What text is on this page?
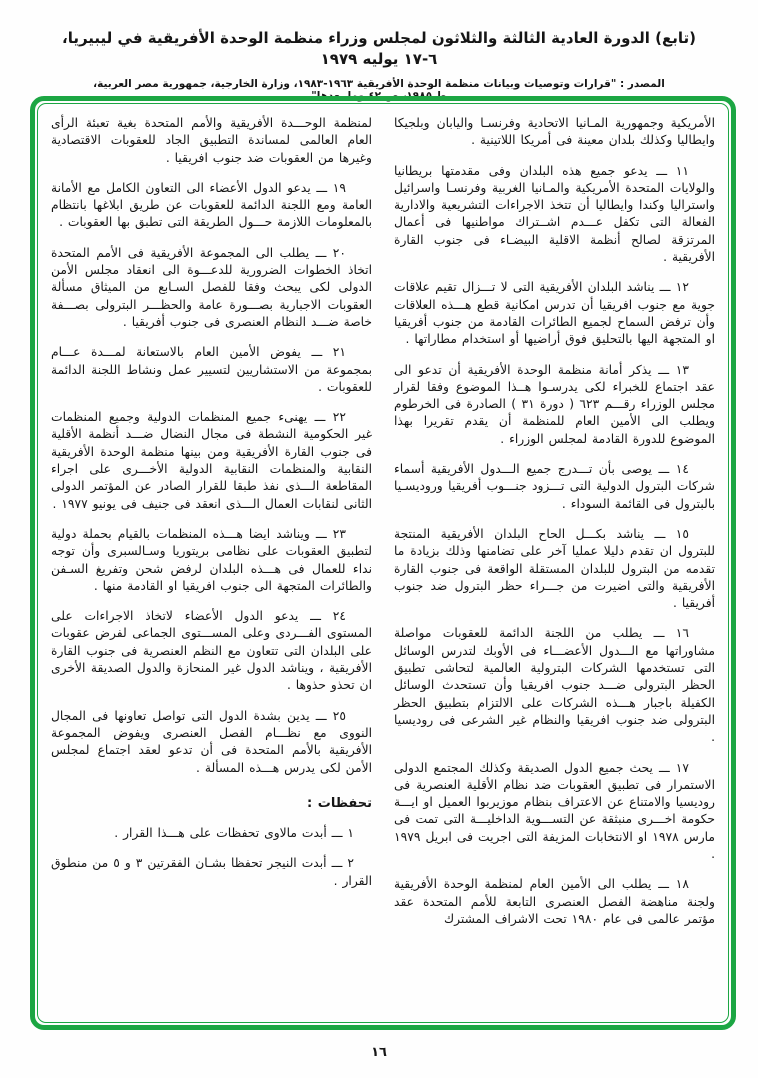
(تابع) الدورة العادية الثالثة والثلاثون لمجلس وزراء منظمة الوحدة الأفريقية في ليبيريا، ٦-١٧ يوليه ١٩٧٩
المصدر : "قرارات وتوصيات وبيانات منظمة الوحدة الأفريقية ١٩٦٣-١٩٨٣، وزارة الخارجية، جمهورية مصر العربية، ط ١٩٨٥، ص ٤٢ وما بعدها"

الأمريكية وجمهورية المـانيا الاتحادية وفرنسـا واليابان وبلجيكا وايطاليا وكذلك بلدان معينة فى أمريكا اللاتينية .

١١ ـــ يدعو جميع هذه البلدان وفى مقدمتها بريطانيا والولايات المتحدة الأمريكية والمـانيا الغربية وفرنسـا واسرائيل واستراليا وكندا وايطاليا أن تتخذ الاجراءات التشريعية والادارية الفعالة التى تكفل عـــدم اشــتراك مواطنيها فى أعمال المرتزقة لصالح أنظمة الاقلية البيضـاء فى جنوب القارة الأفريقية .

١٢ ـــ يناشد البلدان الأفريقية التى لا تـــزال تقيم علاقات جوية مع جنوب افريقيا أن تدرس امكانية قطع هـــذه العلاقات وأن ترفض السماح لجميع الطائرات القادمة من جنوب أفريقيا او المتجهة اليها بالتحليق فوق أراضيها أو استخدام مطاراتها .

١٣ ـــ يذكر أمانة منظمة الوحدة الأفريقية أن تدعو الى عقد اجتماع للخبراء لكى يدرسـوا هــذا الموضوع وفقا لقرار مجلس الوزراء رقـــم ٦٢٣ ( دورة ٣١ ) الصادرة فى الخرطوم ويطلب الى الأمين العام للمنظمة أن يقدم تقريرا بهذا الموضوع للدورة القادمة لمجلس الوزراء .

١٤ ـــ يوصى بأن تـــدرج جميع الـــدول الأفريقية أسماء شركات البترول الدولية التى تـــزود جنـــوب أفريقيا وروديسـيا بالبترول فى القائمة السوداء .

١٥ ـــ يناشد بكـــل الحاح البلدان الأفريقية المنتجة للبترول ان تقدم دليلا عمليا آخر على تضامنها وذلك بزيادة ما تقدمه من البترول للبلدان المستقلة الواقعة فى جنوب القارة الأفريقية والتى اضيرت من جـــراء حظر البترول ضد جنوب أفريقيا .

١٦ ـــ يطلب من اللجنة الدائمة للعقوبات مواصلة مشاوراتها مع الـــدول الأعضـــاء فى الأوبك لتدرس الوسائل التى تستخدمها الشركات البترولية العالمية لتحاشى تطبيق الحظر البترولى ضـــد جنوب افريقيا وأن تستحدث الوسائل الكفيلة باجبار هـــذه الشركات على الالتزام بتطبيق الحظر البترولى ضد جنوب افريقيا والنظام غير الشرعى فى روديسيا .

١٧ ـــ يحث جميع الدول الصديقة وكذلك المجتمع الدولى الاستمرار فى تطبيق العقوبات ضد نظام الأقلية العنصرية فى روديسيا والامتناع عن الاعتراف بنظام موزيربوا العميل او ايـــة حكومة اخـــرى منبثقة عن التســـوية الداخليـــة التى تمت فى مارس ١٩٧٨ او الانتخابات المزيفة التى اجريت فى ابريل ١٩٧٩ .

١٨ ـــ يطلب الى الأمين العام لمنظمة الوحدة الأفريقية ولجنة مناهضة الفصل العنصرى التابعة للأمم المتحدة عقد مؤتمر عالمى فى عام ١٩٨٠ تحت الاشراف المشترك

لمنظمة الوحـــدة الأفريقية والأمم المتحدة بغية تعبئة الرأى العام العالمى لمساندة التطبيق الجاد للعقوبات الاقتصادية وغيرها من العقوبات ضد جنوب افريقيا .

١٩ ـــ يدعو الدول الأعضاء الى التعاون الكامل مع الأمانة العامة ومع اللجنة الدائمة للعقوبات عن طريق ابلاغها بانتظام بالمعلومات اللازمة حـــول الطريقة التى تطبق بها العقوبات .

٢٠ ـــ يطلب الى المجموعة الأفريقية فى الأمم المتحدة اتخاذ الخطوات الضرورية للدعـــوة الى انعقاد مجلس الأمن الدولى لكى يبحث وفقا للفصل السـابع من الميثاق مسألة العقوبات الاجبارية بصـــورة عامة والحظـــر البترولى بصـــفة خاصة ضـــد النظام العنصرى فى جنوب أفريقيا .

٢١ ـــ يفوض الأمين العام بالاستعانة لمـــدة عـــام بمجموعة من الاستشاريين لتسيير عمل ونشاط اللجنة الدائمة للعقوبات .

٢٢ ـــ يهنىء جميع المنظمات الدولية وجميع المنظمات غير الحكومية النشطة فى مجال النضال ضـــد أنظمة الأقلية فى جنوب القارة الأفريقية ومن بينها منظمة الوحدة الأفريقية النقابية والمنظمات النقابية الدولية الأخـــرى على اجراء المقاطعة الـــذى نفذ طبقا للقرار الصادر عن المؤتمر الدولى الثانى لنقابات العمال الـــذى انعقد فى جنيف فى يونيو ١٩٧٧ .

٢٣ ـــ ويناشد ايضا هـــذه المنظمات بالقيام بحملة دولية لتطبيق العقوبات على نظامى بريتوريا وسـالسبرى وأن توجه نداء للعمال فى هـــذه البلدان لرفض شحن وتفريغ السـفن والطائرات المتجهة الى جنوب افريقيا او القادمة منها .

٢٤ ـــ يدعو الدول الأعضاء لاتخاذ الاجراءات على المستوى الفـــردى وعلى المســـتوى الجماعى لفرض عقوبات على البلدان التى تتعاون مع النظم العنصرية فى جنوب القارة الأفريقية ، ويناشد الدول غير المنحازة والدول الصديقة الأخرى ان تحذو حذوها .

٢٥ ـــ يدين بشدة الدول التى تواصل تعاونها فى المجال النووى مع نظـــام الفصل العنصرى ويفوض المجموعة الأفريقية بالأمم المتحدة فى أن تدعو لعقد اجتماع لمجلس الأمن لكى يدرس هـــذه المسألة .

تحفظات :

١ ـــ أبدت مالاوى تحفظات على هـــذا القرار .

٢ ـــ أبدت النيجر تحفظا بشـان الفقرتين ٣ و ٥ من منطوق القرار .

١٦
